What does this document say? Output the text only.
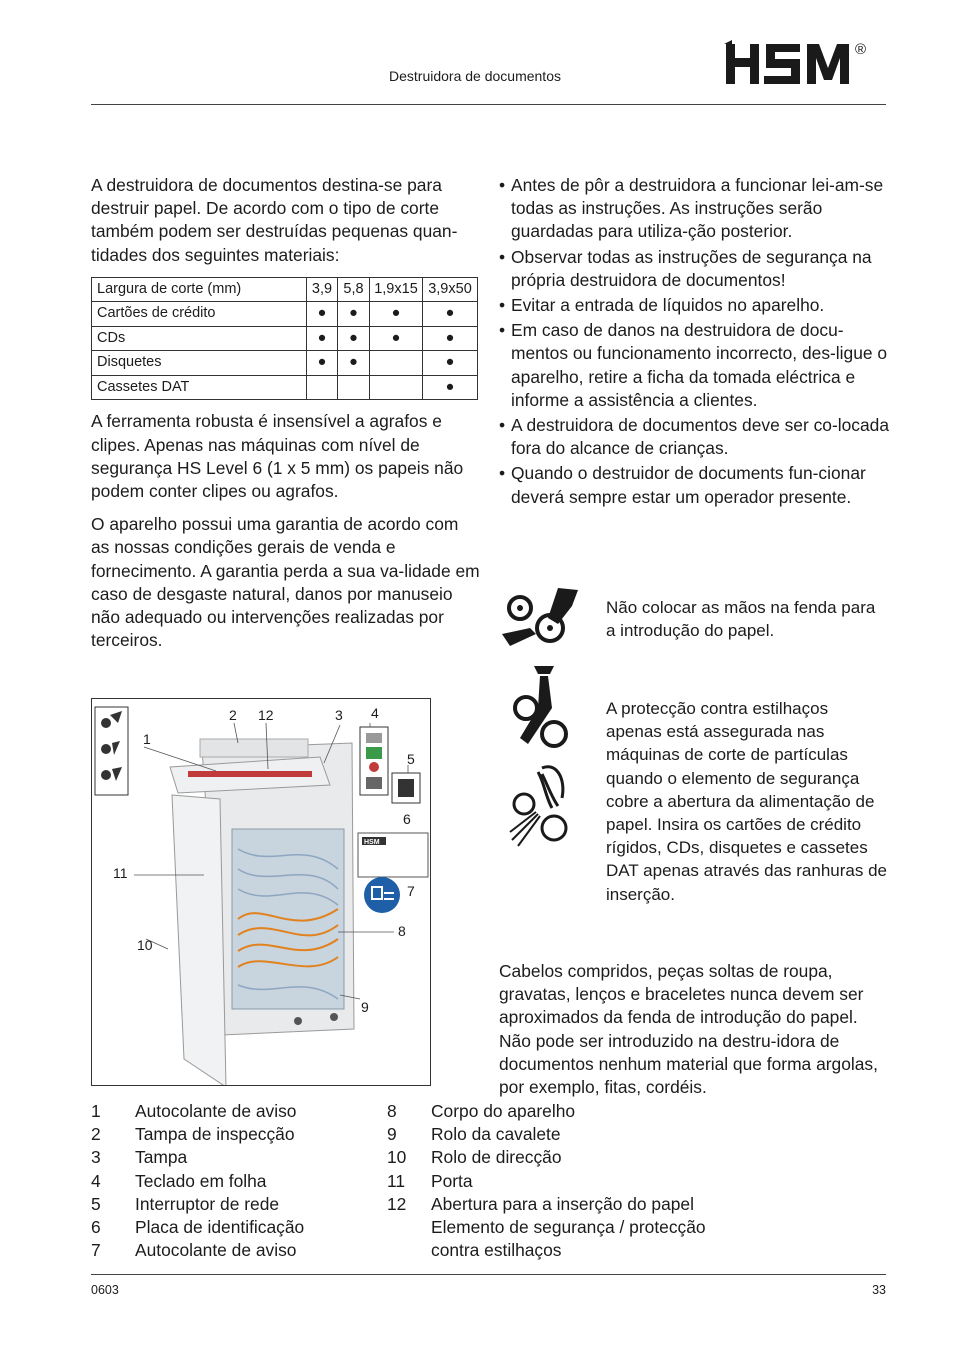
Destruidora de documentos
®

A destruidora de documentos destina-se para destruir papel. De acordo com o tipo de corte também podem ser destruídas pequenas quan-tidades dos seguintes materiais:

Largura de corte (mm)	3,9	5,8	1,9x15	3,9x50
Cartões de crédito	●	●	●	●
CDs	●	●	●	●
Disquetes	●	●		●
Cassetes DAT				●

A ferramenta robusta é insensível a agrafos e clipes. Apenas nas máquinas com nível de segurança HS Level 6 (1 x 5 mm) os papeis não podem conter clipes ou agrafos.

O aparelho possui uma garantia de acordo com as nossas condições gerais de venda e fornecimento. A garantia perda a sua va-lidade em caso de desgaste natural, danos por manuseio não adequado ou intervenções realizadas por terceiros.

• Antes de pôr a destruidora a funcionar lei-am-se todas as instruções. As instruções serão guardadas para utiliza-ção posterior.
• Observar todas as instruções de segurança na própria destruidora de documentos!
• Evitar a entrada de líquidos no aparelho.
• Em caso de danos na destruidora de docu-mentos ou funcionamento incorrecto, des-ligue o aparelho, retire a ficha da tomada eléctrica e informe a assistência a clientes.
• A destruidora de documentos deve ser co-locada fora do alcance de crianças.
• Quando o destruidor de documents fun-cionar deverá sempre estar um operador presente.
Não colocar as mãos na fenda para a introdução do papel.
A protecção contra estilhaços apenas está assegurada nas máquinas de corte de partículas quando o elemento de segurança cobre a abertura da alimentação de papel. Insira os cartões de crédito rígidos, CDs, disquetes e cassetes DAT apenas através das ranhuras de inserção.
Cabelos compridos, peças soltas de roupa, gravatas, lenços e braceletes nunca devem ser aproximados da fenda de introdução do papel. Não pode ser introduzido na destru-idora de documentos nenhum material que forma argolas, por exemplo, fitas, cordéis.
HSM
1
2 12	3 4
5
6
7
8
9
10
11
1	Autocolante de aviso
2	Tampa de inspecção
3	Tampa
4	Teclado em folha
5	Interruptor de rede
6	Placa de identificação
7	Autocolante de aviso
8	Corpo do aparelho
9	Rolo da cavalete
10	Rolo de direcção
11	Porta
12	Abertura para a inserção do papel
Elemento de segurança / protecção
contra estilhaços
0603	33
